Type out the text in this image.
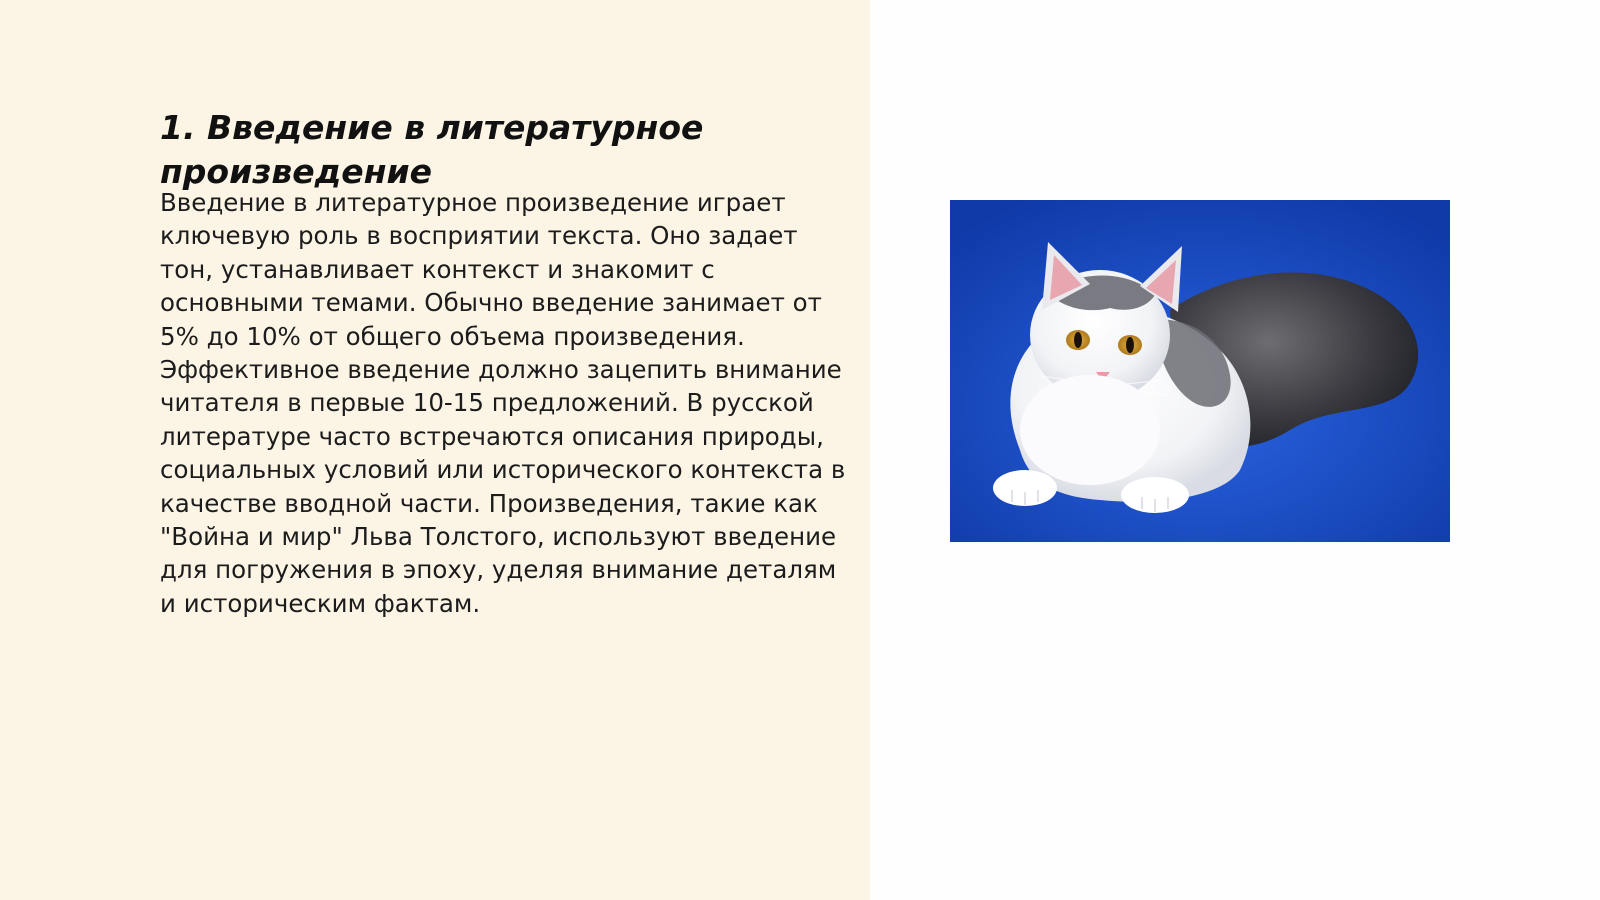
1. Введение в литературное произведение

Введение в литературное произведение играет ключевую роль в восприятии текста. Оно задает тон, устанавливает контекст и знакомит с основными темами. Обычно введение занимает от 5% до 10% от общего объема произведения. Эффективное введение должно зацепить внимание читателя в первые 10-15 предложений. В русской литературе часто встречаются описания природы, социальных условий или исторического контекста в качестве вводной части. Произведения, такие как "Война и мир" Льва Толстого, используют введение для погружения в эпоху, уделяя внимание деталям и историческим фактам.
